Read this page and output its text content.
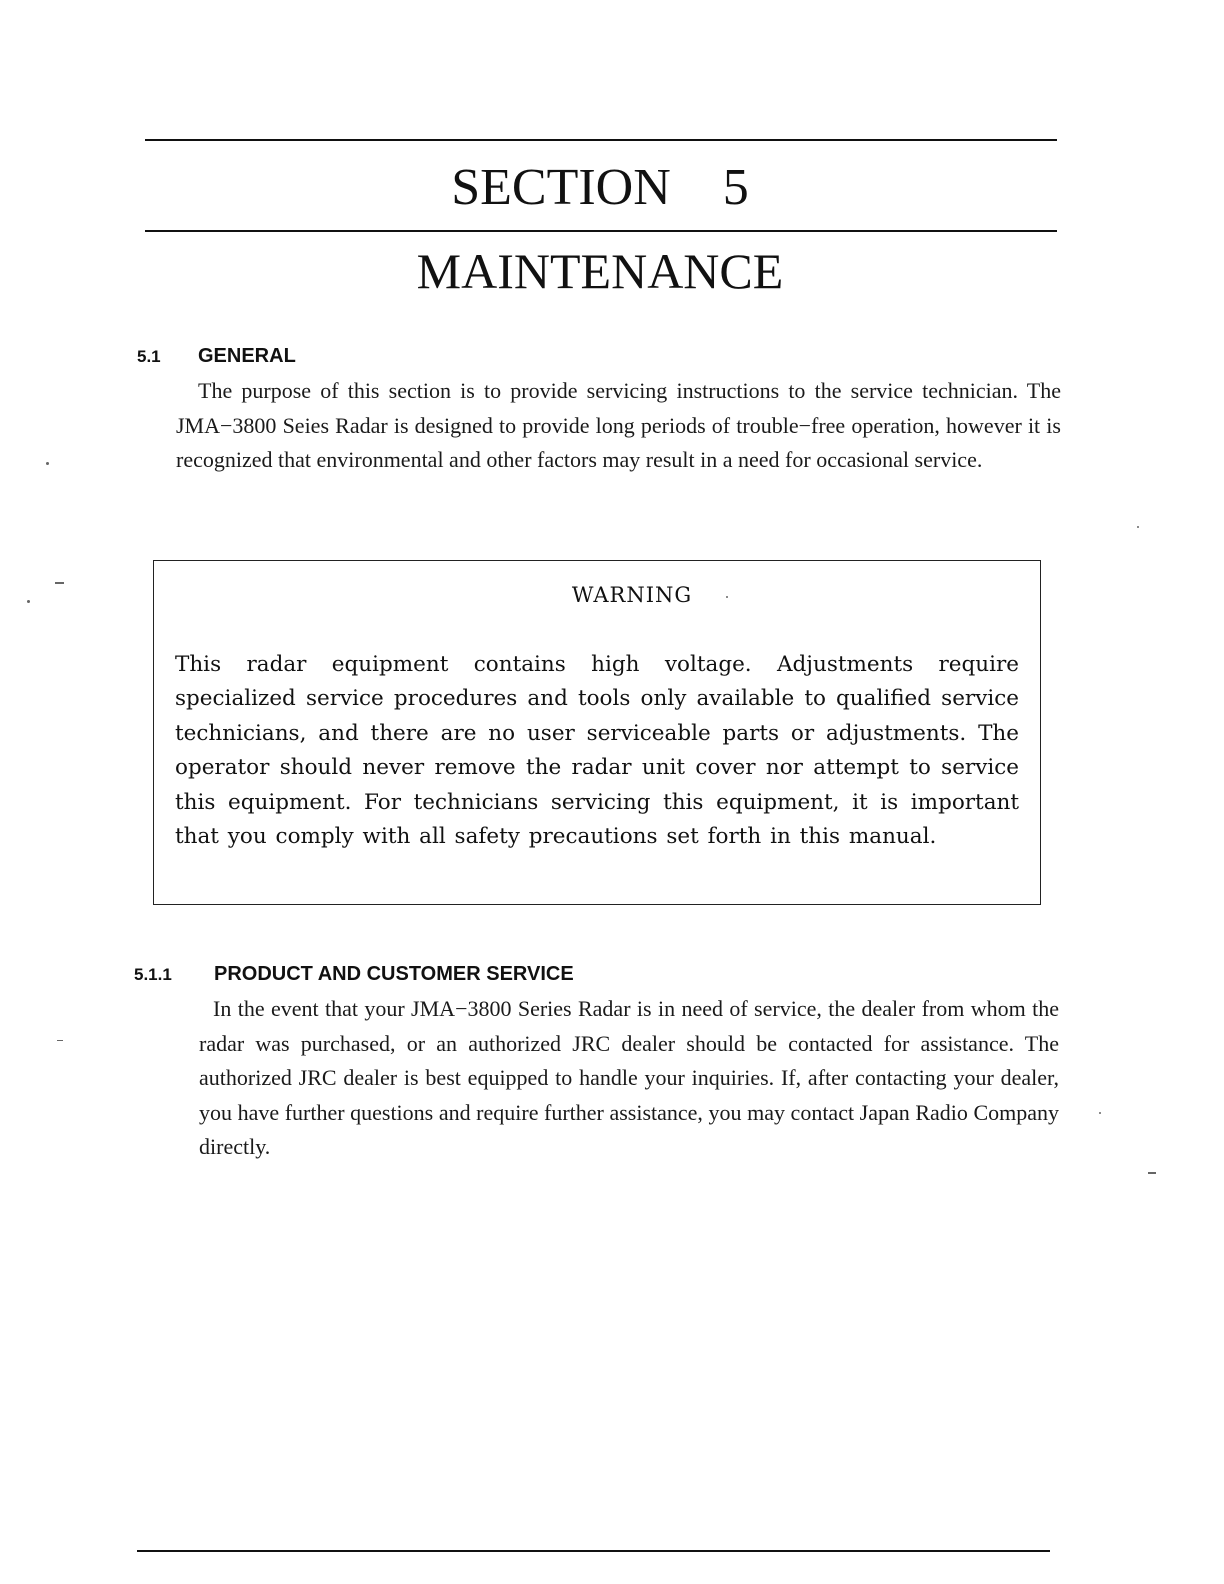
SECTION 5
MAINTENANCE
5.1 GENERAL

The purpose of this section is to provide servicing instructions to the service technician. The JMA−3800 Seies Radar is designed to provide long periods of trouble−free operation, however it is recognized that environmental and other factors may result in a need for occasional service.

WARNING

This radar equipment contains high voltage. Adjustments require specialized service procedures and tools only available to qualified service technicians, and there are no user serviceable parts or adjustments. The operator should never remove the radar unit cover nor attempt to service this equipment. For technicians servicing this equipment, it is important that you comply with all safety precautions set forth in this manual.

5.1.1 PRODUCT AND CUSTOMER SERVICE

In the event that your JMA−3800 Series Radar is in need of service, the dealer from whom the radar was purchased, or an authorized JRC dealer should be contacted for assistance. The authorized JRC dealer is best equipped to handle your inquiries. If, after contacting your dealer, you have further questions and require further assistance, you may contact Japan Radio Company directly.
